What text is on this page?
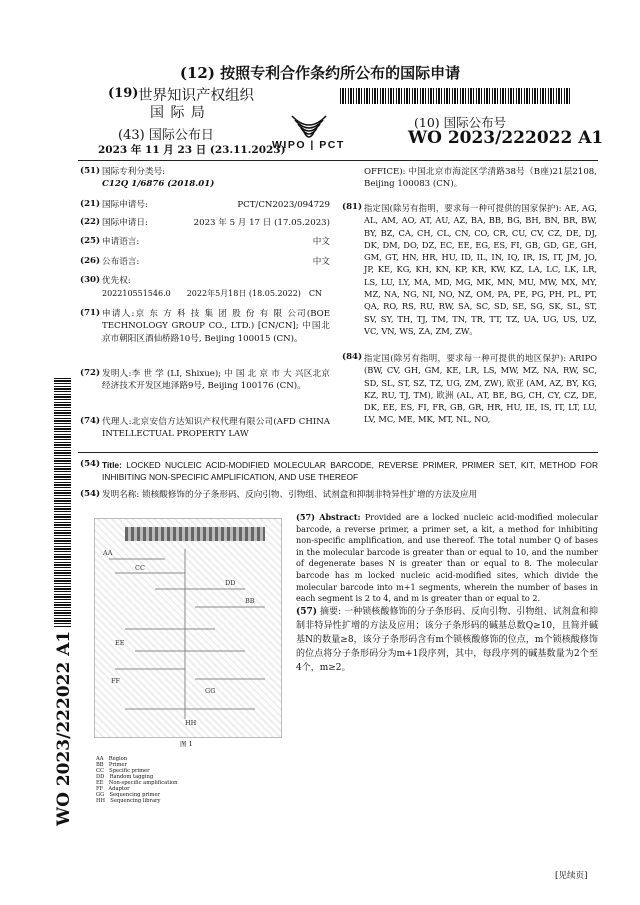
(12) 按照专利合作条约所公布的国际申请
(19) 世界知识产权组织
国 际 局
(43) 国际公布日
2023 年 11 月 23 日 (23.11.2023)
WIPO | PCT
(10) 国际公布号
WO 2023/222022 A1
(51) 国际专利分类号:
C12Q 1/6876 (2018.01)
(21) 国际申请号:	PCT/CN2023/094729
(22) 国际申请日:	2023 年 5 月 17 日 (17.05.2023)
(25) 申请语言:	中文
(26) 公布语言:	中文
(30) 优先权:
202210551546.0　　2022年5月18日 (18.05.2022)　CN
(71) 申请人:京 东 方 科 技 集 团 股 份 有 限 公司(BOE TECHNOLOGY GROUP CO., LTD.) [CN/CN]; 中国北京市朝阳区酒仙桥路10号, Beijing 100015 (CN)。
(72) 发明人:李 世 学 (LI, Shixue); 中 国 北 京 市 大 兴区北京经济技术开发区地泽路9号, Beijing 100176 (CN)。
(74) 代理人:北京安信方达知识产权代理有限公司(AFD CHINA INTELLECTUAL PROPERTY LAW
OFFICE): 中国北京市海淀区学清路38号（B座)21层2108, Beijing 100083 (CN)。
(81) 指定国(除另有指明，要求每一种可提供的国家保护): AE, AG, AL, AM, AO, AT, AU, AZ, BA, BB, BG, BH, BN, BR, BW, BY, BZ, CA, CH, CL, CN, CO, CR, CU, CV, CZ, DE, DJ, DK, DM, DO, DZ, EC, EE, EG, ES, FI, GB, GD, GE, GH, GM, GT, HN, HR, HU, ID, IL, IN, IQ, IR, IS, IT, JM, JO, JP, KE, KG, KH, KN, KP, KR, KW, KZ, LA, LC, LK, LR, LS, LU, LY, MA, MD, MG, MK, MN, MU, MW, MX, MY, MZ, NA, NG, NI, NO, NZ, OM, PA, PE, PG, PH, PL, PT, QA, RO, RS, RU, RW, SA, SC, SD, SE, SG, SK, SL, ST, SV, SY, TH, TJ, TM, TN, TR, TT, TZ, UA, UG, US, UZ, VC, VN, WS, ZA, ZM, ZW。
(84) 指定国(除另有指明，要求每一种可提供的地区保护): ARIPO (BW, CV, GH, GM, KE, LR, LS, MW, MZ, NA, RW, SC, SD, SL, ST, SZ, TZ, UG, ZM, ZW), 欧亚 (AM, AZ, BY, KG, KZ, RU, TJ, TM), 欧洲 (AL, AT, BE, BG, CH, CY, CZ, DE, DK, EE, ES, FI, FR, GB, GR, HR, HU, IE, IS, IT, LT, LU, LV, MC, ME, MK, MT, NL, NO,
(54) Title: LOCKED NUCLEIC ACID-MODIFIED MOLECULAR BARCODE, REVERSE PRIMER, PRIMER SET, KIT, METHOD FOR INHIBITING NON-SPECIFIC AMPLIFICATION, AND USE THEREOF
(54) 发明名称: 锁核酸修饰的分子条形码、反向引物、引物组、试剂盒和抑制非特异性扩增的方法及应用
WO 2023/222022 A1
AA
BB
CC
DD
EE
FF
GG
HH
图 1
AA　 Region
BB　 Primer
CC　 Specific primer
DD　 Random tagging
EE　 Non-specific amplification
FF　 Adaptor
GG　 Sequencing primer
HH　 Sequencing library
(57) Abstract: Provided are a locked nucleic acid-modified molecular barcode, a reverse primer, a primer set, a kit, a method for inhibiting non-specific amplification, and use thereof. The total number Q of bases in the molecular barcode is greater than or equal to 10, and the number of degenerate bases N is greater than or equal to 8. The molecular barcode has m locked nucleic acid-modified sites, which divide the molecular barcode into m+1 segments, wherein the number of bases in each segment is 2 to 4, and m is greater than or equal to 2.
(57) 摘要: 一种锁核酸修饰的分子条形码、反向引物、引物组、试剂盒和抑制非特异性扩增的方法及应用；该分子条形码的碱基总数Q≥10，且简并碱基N的数量≥8，该分子条形码含有m个锁核酸修饰的位点，m个锁核酸修饰的位点将分子条形码分为m+1段序列，其中，每段序列的碱基数量为2个至4个，m≥2。
[见续页]
